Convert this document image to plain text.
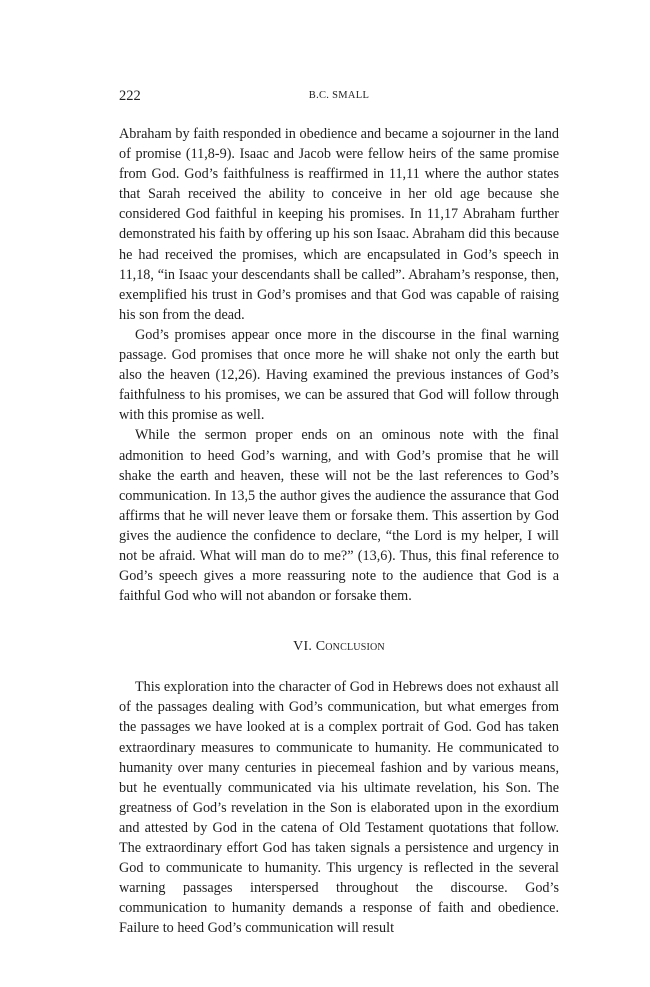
222	B.C. SMALL

Abraham by faith responded in obedience and became a sojourner in the land of promise (11,8-9). Isaac and Jacob were fellow heirs of the same promise from God. God’s faithfulness is reaffirmed in 11,11 where the author states that Sarah received the ability to conceive in her old age because she considered God faithful in keeping his promises. In 11,17 Abraham further demonstrated his faith by offering up his son Isaac. Abraham did this because he had received the promises, which are encapsulated in God’s speech in 11,18, “in Isaac your descendants shall be called”. Abraham’s response, then, exemplified his trust in God’s promises and that God was capable of raising his son from the dead.

God’s promises appear once more in the discourse in the final warning passage. God promises that once more he will shake not only the earth but also the heaven (12,26). Having examined the previous instances of God’s faithfulness to his promises, we can be assured that God will follow through with this promise as well.

While the sermon proper ends on an ominous note with the final admonition to heed God’s warning, and with God’s promise that he will shake the earth and heaven, these will not be the last references to God’s communication. In 13,5 the author gives the audience the assurance that God affirms that he will never leave them or forsake them. This assertion by God gives the audience the confidence to declare, “the Lord is my helper, I will not be afraid. What will man do to me?” (13,6). Thus, this final reference to God’s speech gives a more reassuring note to the audience that God is a faithful God who will not abandon or forsake them.

VI. Conclusion

This exploration into the character of God in Hebrews does not exhaust all of the passages dealing with God’s communication, but what emerges from the passages we have looked at is a complex portrait of God. God has taken extraordinary measures to communicate to humanity. He communicated to humanity over many centuries in piecemeal fashion and by various means, but he eventually communicated via his ultimate revelation, his Son. The greatness of God’s revelation in the Son is elaborated upon in the exordium and attested by God in the catena of Old Testament quotations that follow. The extraordinary effort God has taken signals a persistence and urgency in God to communicate to humanity. This urgency is reflected in the several warning passages interspersed throughout the discourse. God’s communication to humanity demands a response of faith and obedience. Failure to heed God’s communication will result
